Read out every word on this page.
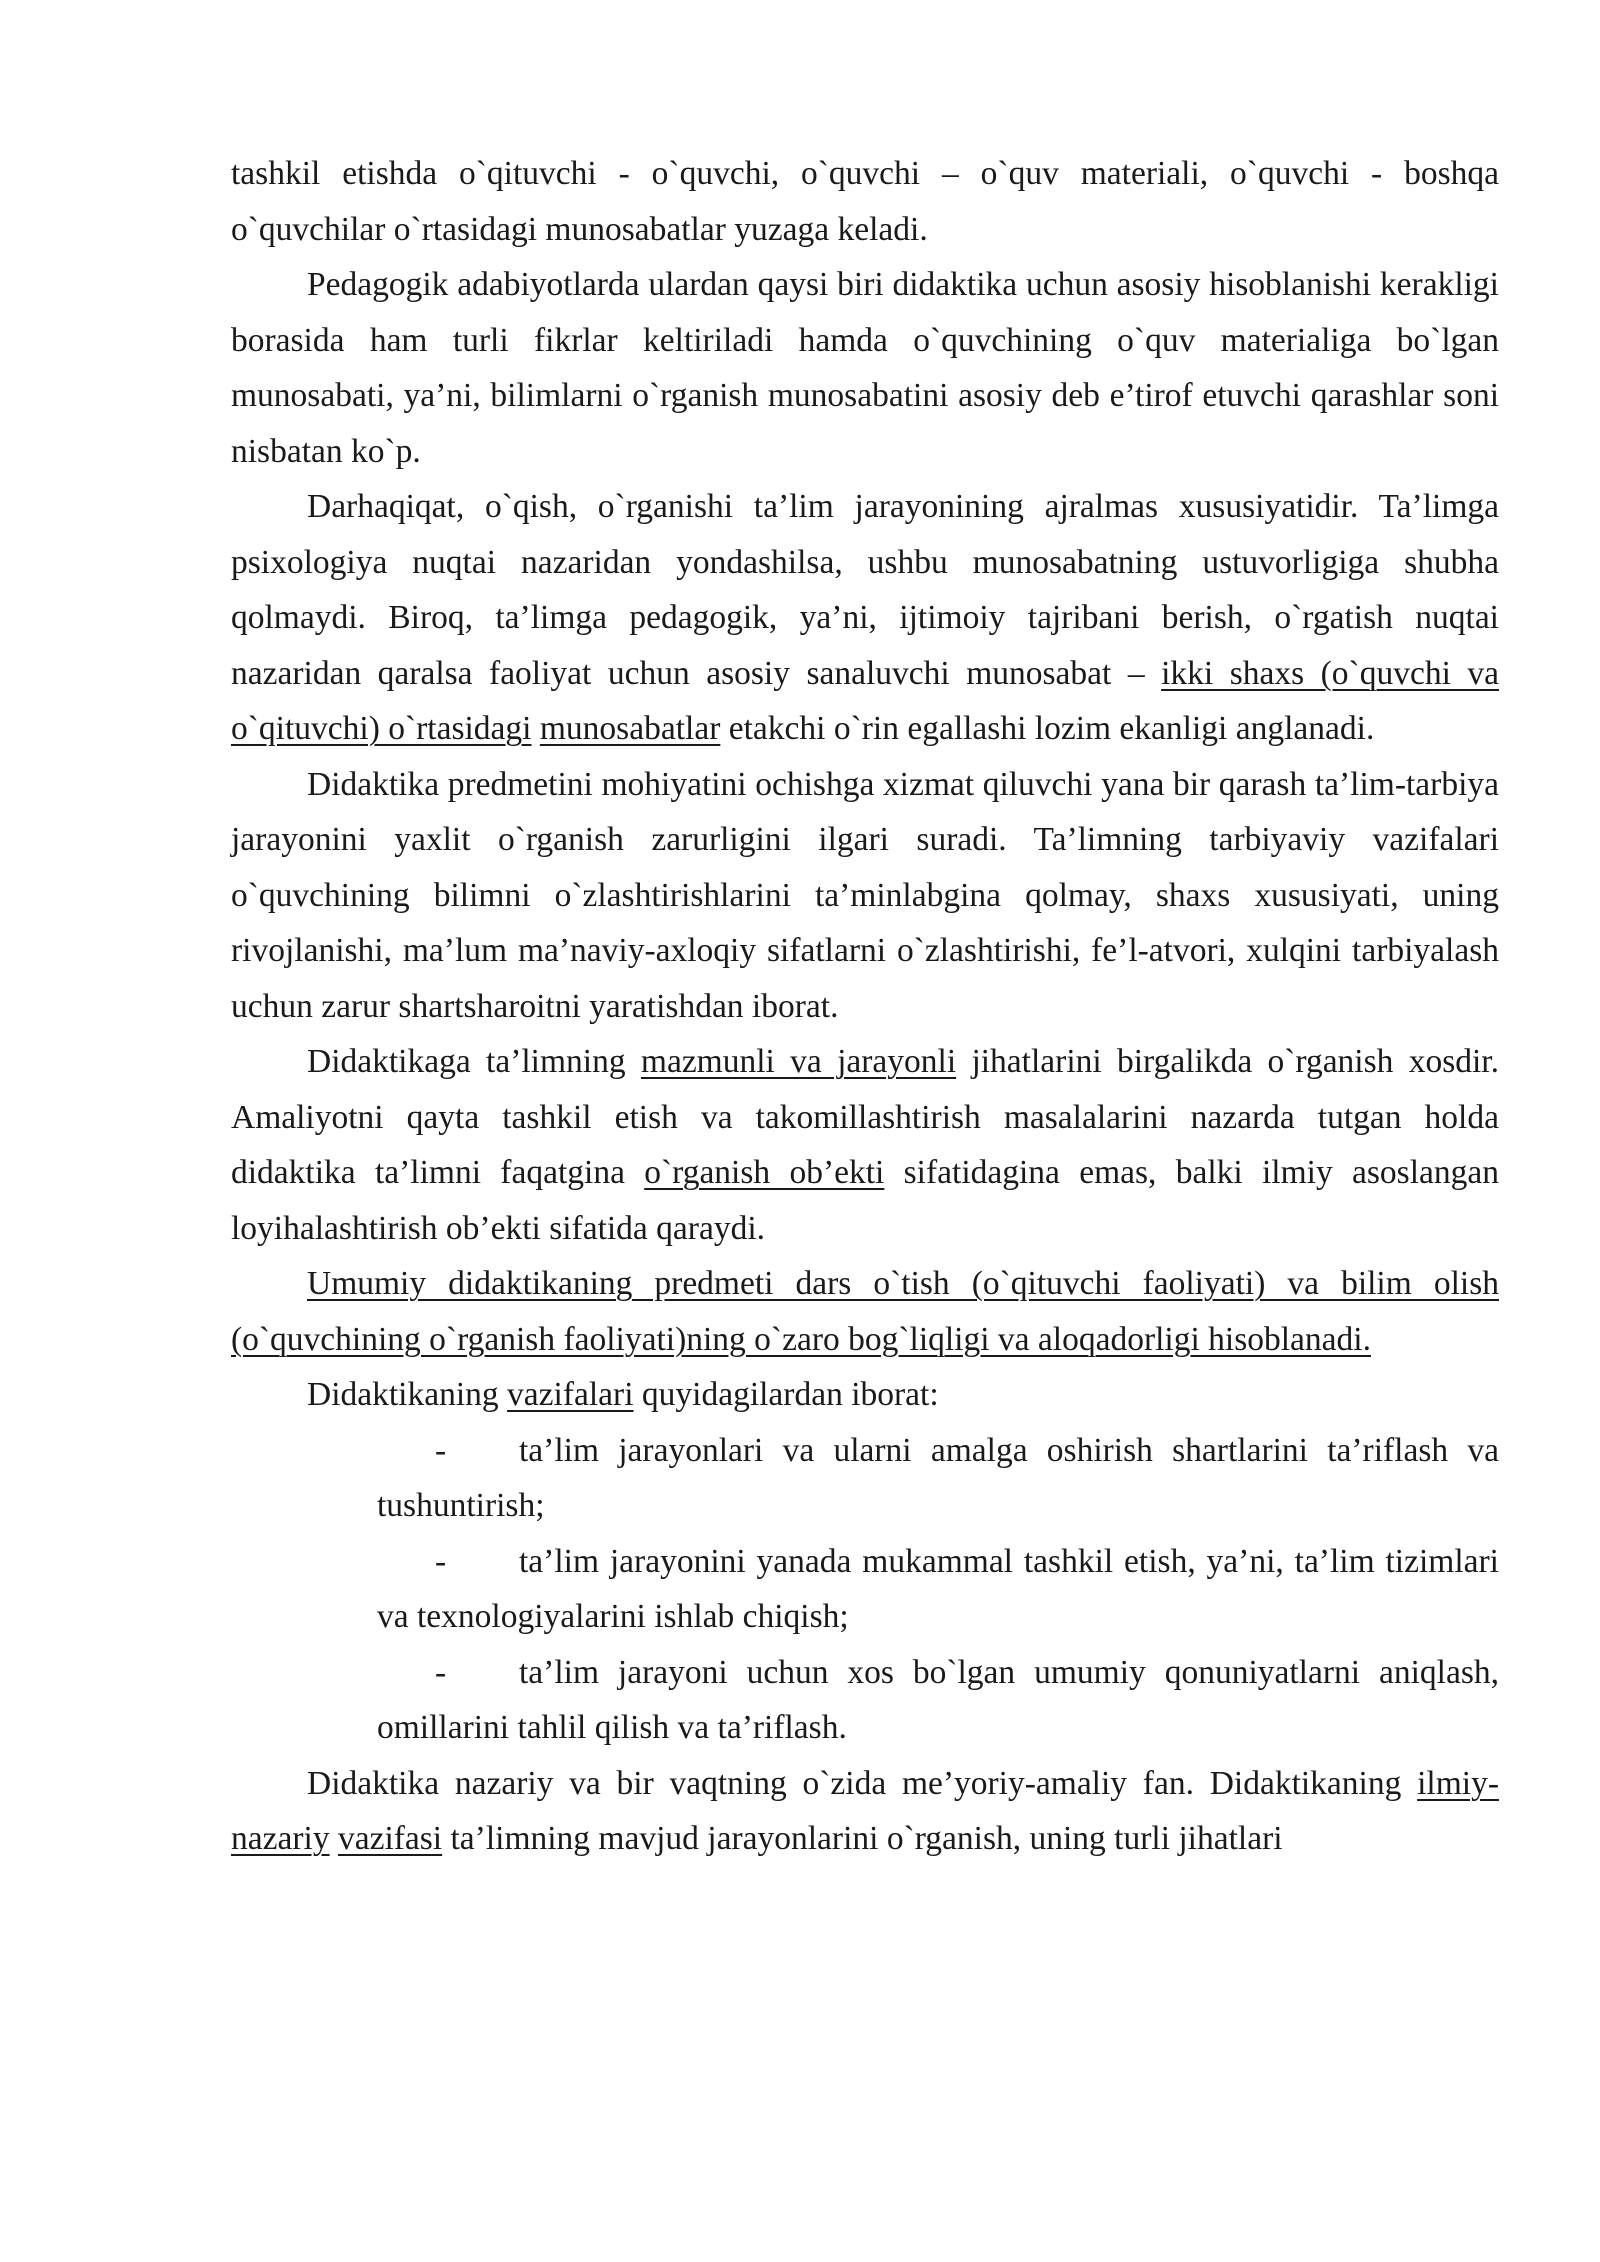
tashkil etishda o`qituvchi - o`quvchi, o`quvchi – o`quv materiali, o`quvchi - boshqa o`quvchilar o`rtasidagi munosabatlar yuzaga keladi.

Pedagogik adabiyotlarda ulardan qaysi biri didaktika uchun asosiy hisoblanishi kerakligi borasida ham turli fikrlar keltiriladi hamda o`quvchining o`quv materialiga bo`lgan munosabati, ya’ni, bilimlarni o`rganish munosabatini asosiy deb e’tirof etuvchi qarashlar soni nisbatan ko`p.

Darhaqiqat, o`qish, o`rganishi ta’lim jarayonining ajralmas xususiyatidir. Ta’limga psixologiya nuqtai nazaridan yondashilsa, ushbu munosabatning ustuvorligiga shubha qolmaydi. Biroq, ta’limga pedagogik, ya’ni, ijtimoiy tajribani berish, o`rgatish nuqtai nazaridan qaralsa faoliyat uchun asosiy sanaluvchi munosabat – ikki shaxs (o`quvchi va o`qituvchi) o`rtasidagi munosabatlar etakchi o`rin egallashi lozim ekanligi anglanadi.

Didaktika predmetini mohiyatini ochishga xizmat qiluvchi yana bir qarash ta’lim-tarbiya jarayonini yaxlit o`rganish zarurligini ilgari suradi. Ta’limning tarbiyaviy vazifalari o`quvchining bilimni o`zlashtirishlarini ta’minlabgina qolmay, shaxs xususiyati, uning rivojlanishi, ma’lum ma’naviy-axloqiy sifatlarni o`zlashtirishi, fe’l-atvori, xulqini tarbiyalash uchun zarur shartsharoitni yaratishdan iborat.

Didaktikaga ta’limning mazmunli va jarayonli jihatlarini birgalikda o`rganish xosdir. Amaliyotni qayta tashkil etish va takomillashtirish masalalarini nazarda tutgan holda didaktika ta’limni faqatgina o`rganish ob’ekti sifatidagina emas, balki ilmiy asoslangan loyihalashtirish ob’ekti sifatida qaraydi.

Umumiy didaktikaning predmeti dars o`tish (o`qituvchi faoliyati) va bilim olish (o`quvchining o`rganish faoliyati)ning o`zaro bog`liqligi va aloqadorligi hisoblanadi.

Didaktikaning vazifalari quyidagilardan iborat:

- ta’lim jarayonlari va ularni amalga oshirish shartlarini ta’riflash va tushuntirish;
- ta’lim jarayonini yanada mukammal tashkil etish, ya’ni, ta’lim tizimlari va texnologiyalarini ishlab chiqish;
- ta’lim jarayoni uchun xos bo`lgan umumiy qonuniyatlarni aniqlash, omillarini tahlil qilish va ta’riflash.

Didaktika nazariy va bir vaqtning o`zida me’yoriy-amaliy fan. Didaktikaning ilmiy-nazariy vazifasi ta’limning mavjud jarayonlarini o`rganish, uning turli jihatlari
